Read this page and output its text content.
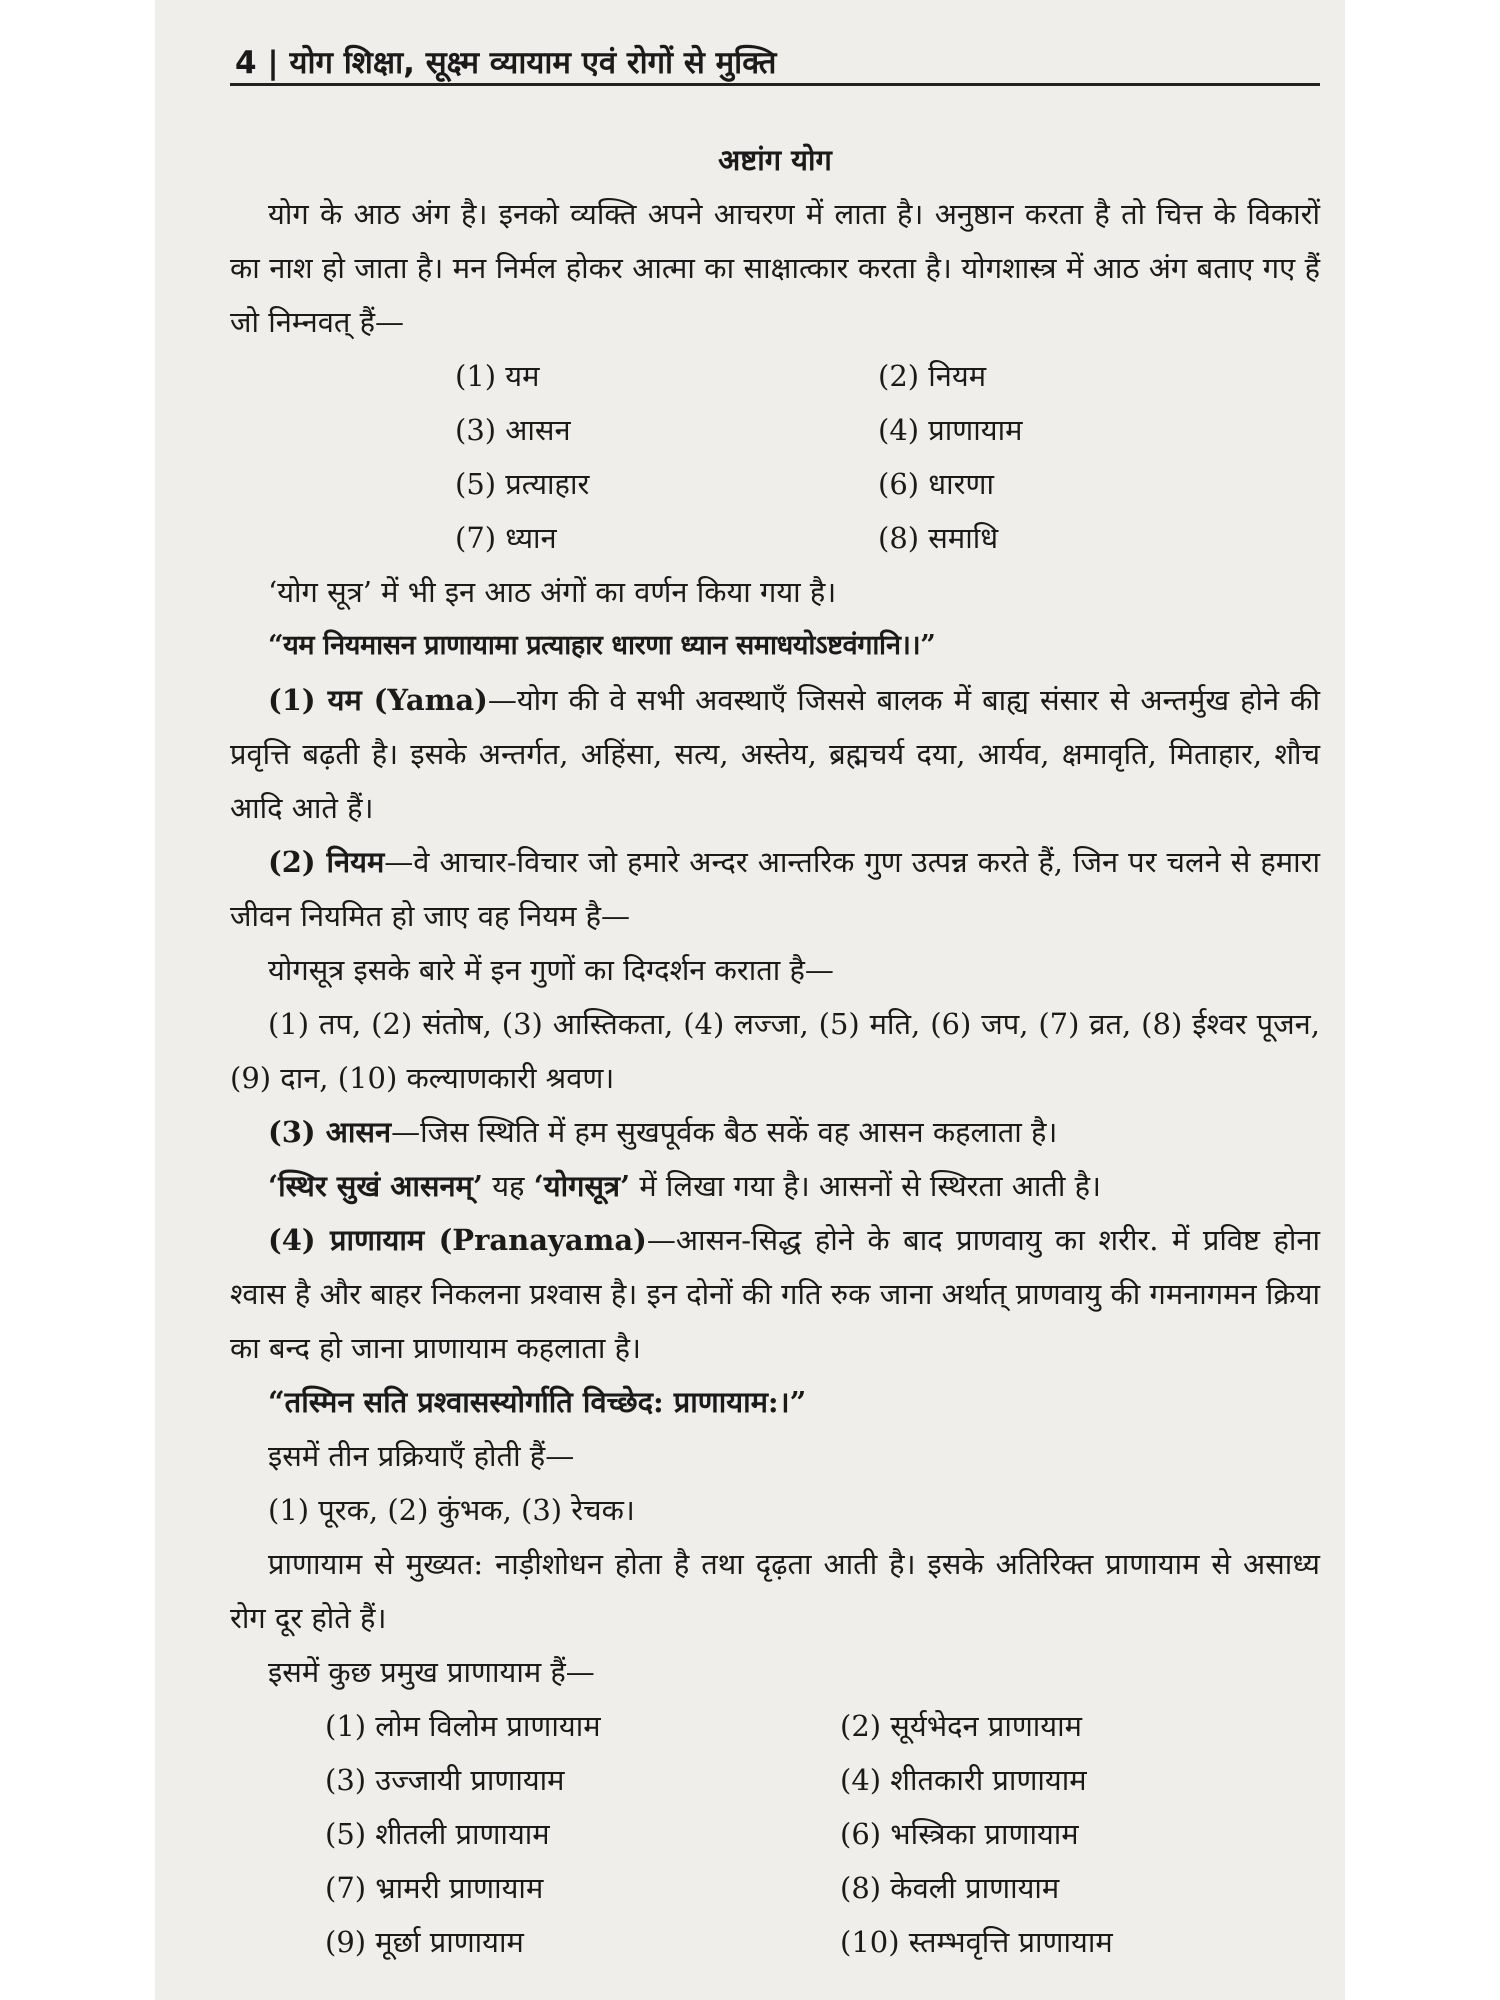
4 | योग शिक्षा, सूक्ष्म व्यायाम एवं रोगों से मुक्ति

अष्टांग योग

योग के आठ अंग है। इनको व्यक्ति अपने आचरण में लाता है। अनुष्ठान करता है तो चित्त के विकारों का नाश हो जाता है। मन निर्मल होकर आत्मा का साक्षात्कार करता है। योगशास्त्र में आठ अंग बताए गए हैं जो निम्नवत् हैं—

(1) यम	(2) नियम
(3) आसन	(4) प्राणायाम
(5) प्रत्याहार	(6) धारणा
(7) ध्यान	(8) समाधि

‘योग सूत्र’ में भी इन आठ अंगों का वर्णन किया गया है।

“यम नियमासन प्राणायामा प्रत्याहार धारणा ध्यान समाधयोऽष्टवंगानि।।”

(1) यम (Yama)—योग की वे सभी अवस्थाएँ जिससे बालक में बाह्य संसार से अन्तर्मुख होने की प्रवृत्ति बढ़ती है। इसके अन्तर्गत, अहिंसा, सत्य, अस्तेय, ब्रह्मचर्य दया, आर्यव, क्षमावृति, मिताहार, शौच आदि आते हैं।

(2) नियम—वे आचार-विचार जो हमारे अन्दर आन्तरिक गुण उत्पन्न करते हैं, जिन पर चलने से हमारा जीवन नियमित हो जाए वह नियम है—

योगसूत्र इसके बारे में इन गुणों का दिग्दर्शन कराता है—

(1) तप, (2) संतोष, (3) आस्तिकता, (4) लज्जा, (5) मति, (6) जप, (7) व्रत, (8) ईश्वर पूजन, (9) दान, (10) कल्याणकारी श्रवण।

(3) आसन—जिस स्थिति में हम सुखपूर्वक बैठ सकें वह आसन कहलाता है।

‘स्थिर सुखं आसनम्’ यह ‘योगसूत्र’ में लिखा गया है। आसनों से स्थिरता आती है।

(4) प्राणायाम (Pranayama)—आसन-सिद्ध होने के बाद प्राणवायु का शरीर. में प्रविष्ट होना श्वास है और बाहर निकलना प्रश्वास है। इन दोनों की गति रुक जाना अर्थात् प्राणवायु की गमनागमन क्रिया का बन्द हो जाना प्राणायाम कहलाता है।

“तस्मिन सति प्रश्वासस्योर्गाति विच्छेद: प्राणायाम:।”

इसमें तीन प्रक्रियाएँ होती हैं—

(1) पूरक, (2) कुंभक, (3) रेचक।

प्राणायाम से मुख्यत: नाड़ीशोधन होता है तथा दृढ़ता आती है। इसके अतिरिक्त प्राणायाम से असाध्य रोग दूर होते हैं।

इसमें कुछ प्रमुख प्राणायाम हैं—

(1) लोम विलोम प्राणायाम	(2) सूर्यभेदन प्राणायाम
(3) उज्जायी प्राणायाम	(4) शीतकारी प्राणायाम
(5) शीतली प्राणायाम	(6) भस्त्रिका प्राणायाम
(7) भ्रामरी प्राणायाम	(8) केवली प्राणायाम
(9) मूर्छा प्राणायाम	(10) स्तम्भवृत्ति प्राणायाम
